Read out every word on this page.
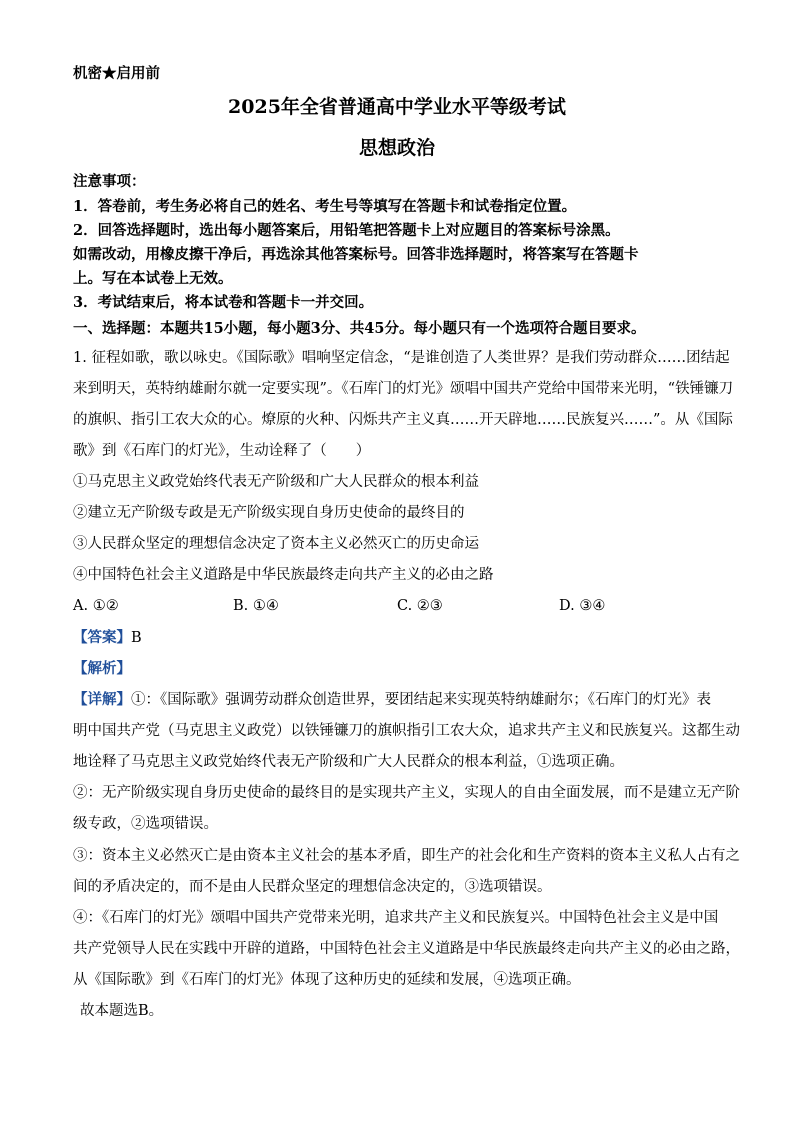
机密★启用前
2025年全省普通高中学业水平等级考试
思想政治
注意事项：
1．答卷前，考生务必将自己的姓名、考生号等填写在答题卡和试卷指定位置。
2．回答选择题时，选出每小题答案后，用铅笔把答题卡上对应题目的答案标号涂黑。
如需改动，用橡皮擦干净后，再选涂其他答案标号。回答非选择题时，将答案写在答题卡
上。写在本试卷上无效。
3．考试结束后，将本试卷和答题卡一并交回。
一、选择题：本题共15小题，每小题3分、共45分。每小题只有一个选项符合题目要求。
1. 征程如歌，歌以咏史。《国际歌》唱响坚定信念，“是谁创造了人类世界？是我们劳动群众……团结起
来到明天，英特纳雄耐尔就一定要实现”。《石库门的灯光》颂唱中国共产党给中国带来光明，“铁锤镰刀
的旗帜、指引工农大众的心。燎原的火种、闪烁共产主义真……开天辟地……民族复兴……”。从《国际
歌》到《石库门的灯光》，生动诠释了（　　）
①马克思主义政党始终代表无产阶级和广大人民群众的根本利益
②建立无产阶级专政是无产阶级实现自身历史使命的最终目的
③人民群众坚定的理想信念决定了资本主义必然灭亡的历史命运
④中国特色社会主义道路是中华民族最终走向共产主义的必由之路
A. ①②	B. ①④	C. ②③	D. ③④
【答案】B
【解析】
【详解】①：《国际歌》强调劳动群众创造世界，要团结起来实现英特纳雄耐尔；《石库门的灯光》表
明中国共产党（马克思主义政党）以铁锤镰刀的旗帜指引工农大众，追求共产主义和民族复兴。这都生动
地诠释了马克思主义政党始终代表无产阶级和广大人民群众的根本利益，①选项正确。
②：无产阶级实现自身历史使命的最终目的是实现共产主义，实现人的自由全面发展，而不是建立无产阶
级专政，②选项错误。
③：资本主义必然灭亡是由资本主义社会的基本矛盾，即生产的社会化和生产资料的资本主义私人占有之
间的矛盾决定的，而不是由人民群众坚定的理想信念决定的，③选项错误。
④：《石库门的灯光》颂唱中国共产党带来光明，追求共产主义和民族复兴。中国特色社会主义是中国
共产党领导人民在实践中开辟的道路，中国特色社会主义道路是中华民族最终走向共产主义的必由之路，
从《国际歌》到《石库门的灯光》体现了这种历史的延续和发展，④选项正确。
故本题选B。
